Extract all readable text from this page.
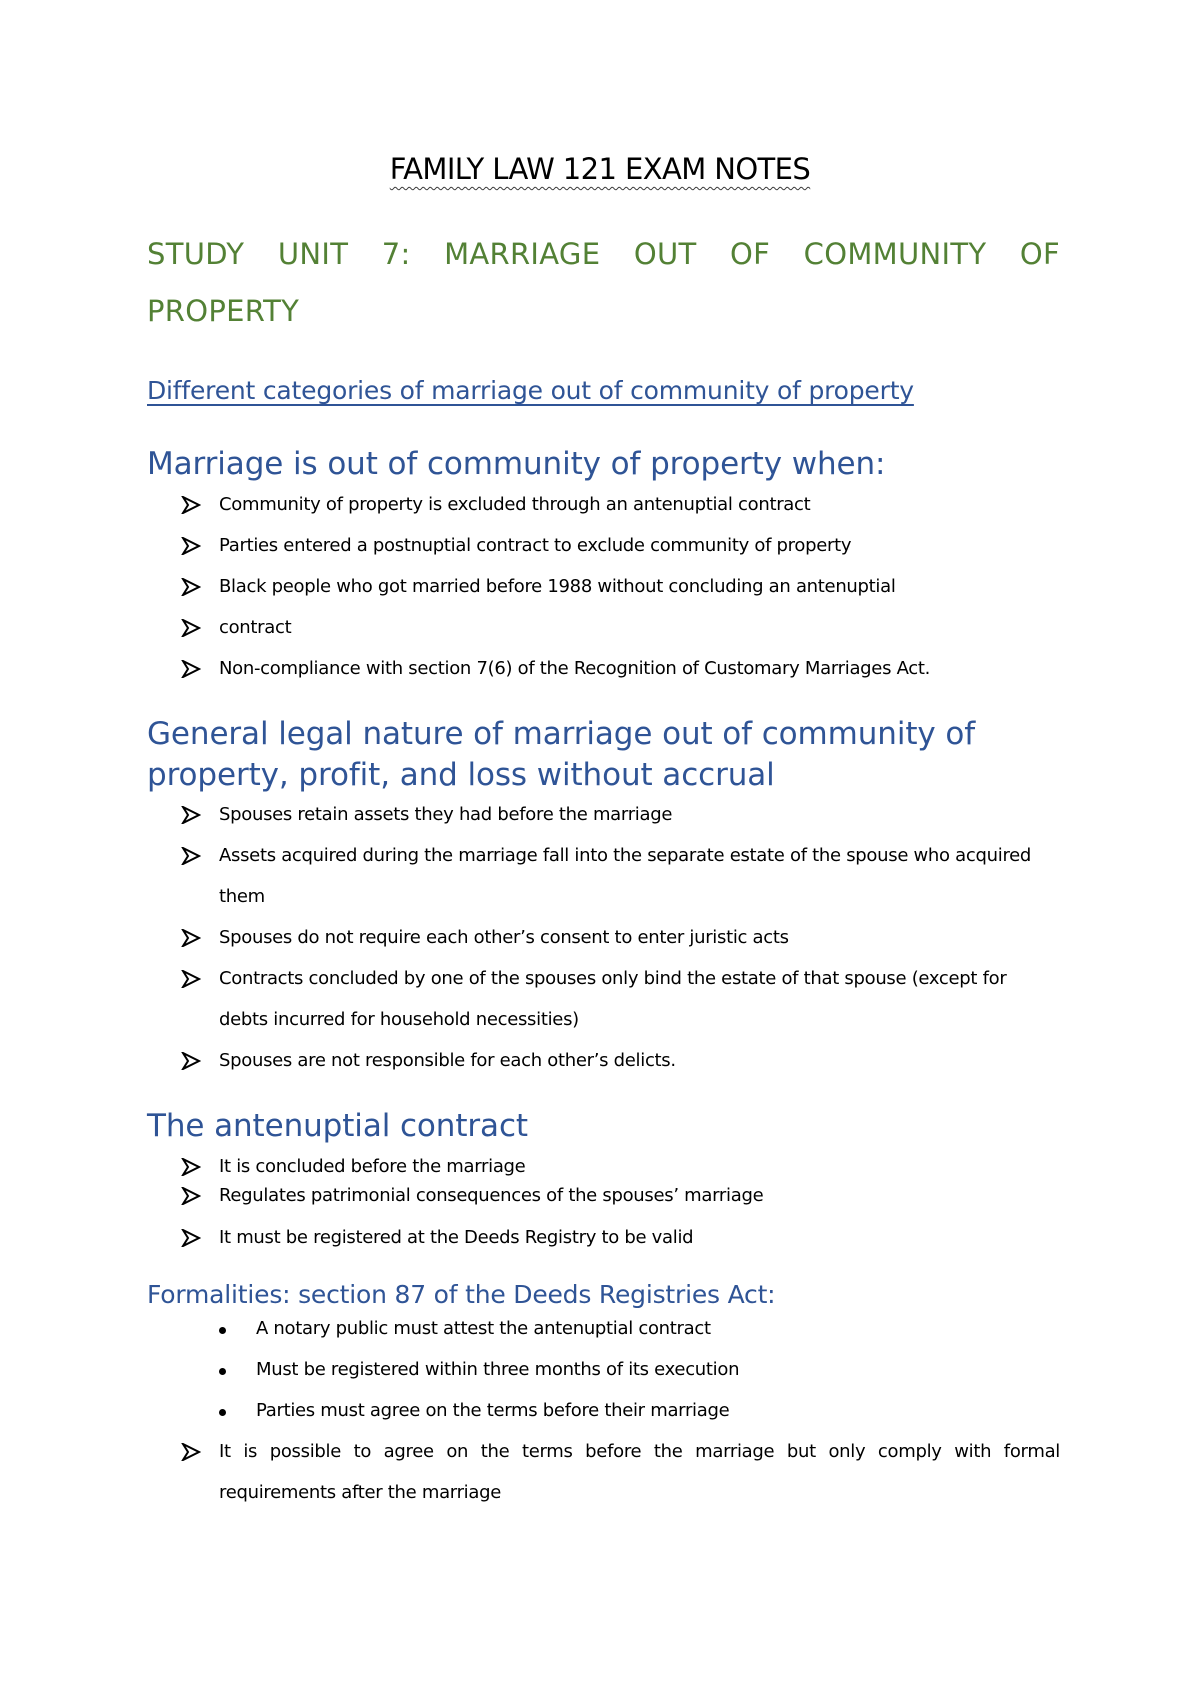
FAMILY LAW 121 EXAM NOTES
STUDY UNIT 7: MARRIAGE OUT OF COMMUNITY OF
PROPERTY
Different categories of marriage out of community of property
Marriage is out of community of property when:
Community of property is excluded through an antenuptial contract
Parties entered a postnuptial contract to exclude community of property
Black people who got married before 1988 without concluding an antenuptial
contract
Non-compliance with section 7(6) of the Recognition of Customary Marriages Act.
General legal nature of marriage out of community of
property, profit, and loss without accrual
Spouses retain assets they had before the marriage
Assets acquired during the marriage fall into the separate estate of the spouse who acquired
them
Spouses do not require each other’s consent to enter juristic acts
Contracts concluded by one of the spouses only bind the estate of that spouse (except for
debts incurred for household necessities)
Spouses are not responsible for each other’s delicts.
The antenuptial contract
It is concluded before the marriage
Regulates patrimonial consequences of the spouses’ marriage
It must be registered at the Deeds Registry to be valid
Formalities: section 87 of the Deeds Registries Act:
A notary public must attest the antenuptial contract
Must be registered within three months of its execution
Parties must agree on the terms before their marriage
It is possible to agree on the terms before the marriage but only comply with formal
requirements after the marriage
